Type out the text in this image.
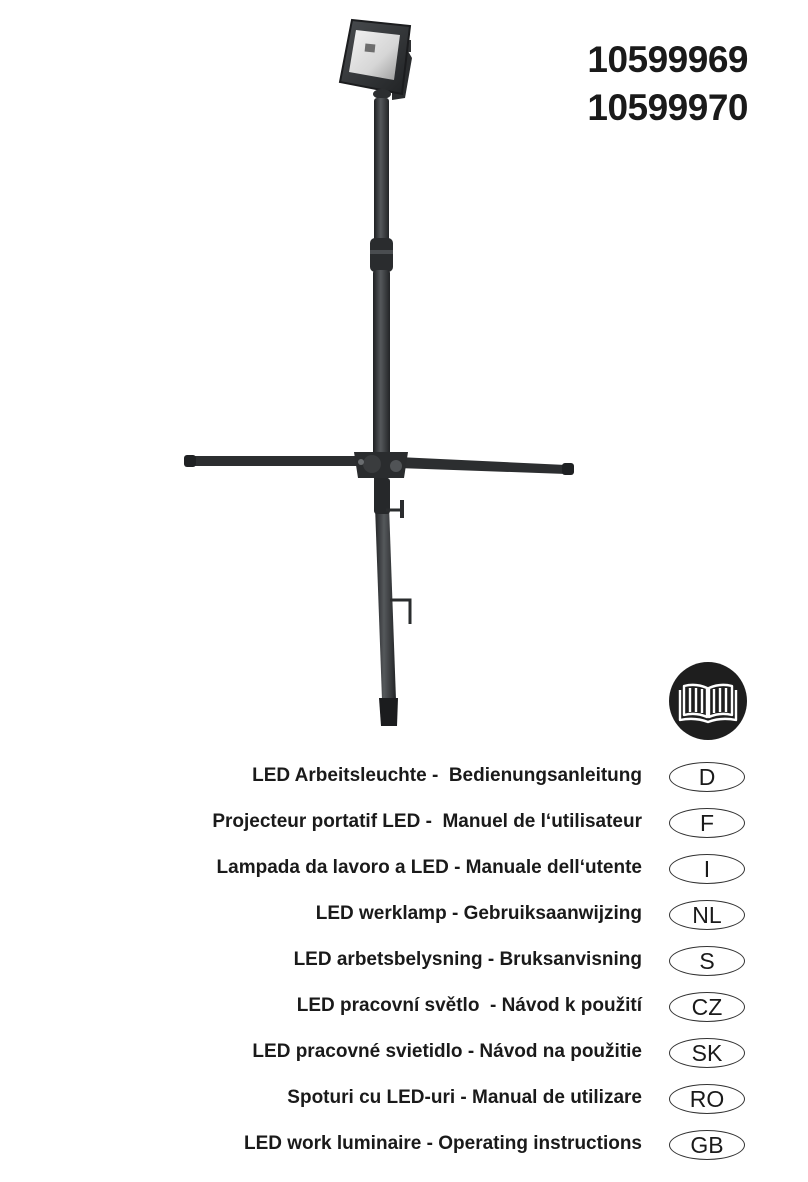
10599969
10599970
LED Arbeitsleuchte -  Bedienungsanleitung	D
Projecteur portatif LED -  Manuel de l‘utilisateur	F
Lampada da lavoro a LED - Manuale dell‘utente	I
LED werklamp - Gebruiksaanwijzing	NL
LED arbetsbelysning - Bruksanvisning	S
LED pracovní světlo  - Návod k použití	CZ
LED pracovné svietidlo - Návod na použitie	SK
Spoturi cu LED-uri - Manual de utilizare	RO
LED work luminaire - Operating instructions	GB
